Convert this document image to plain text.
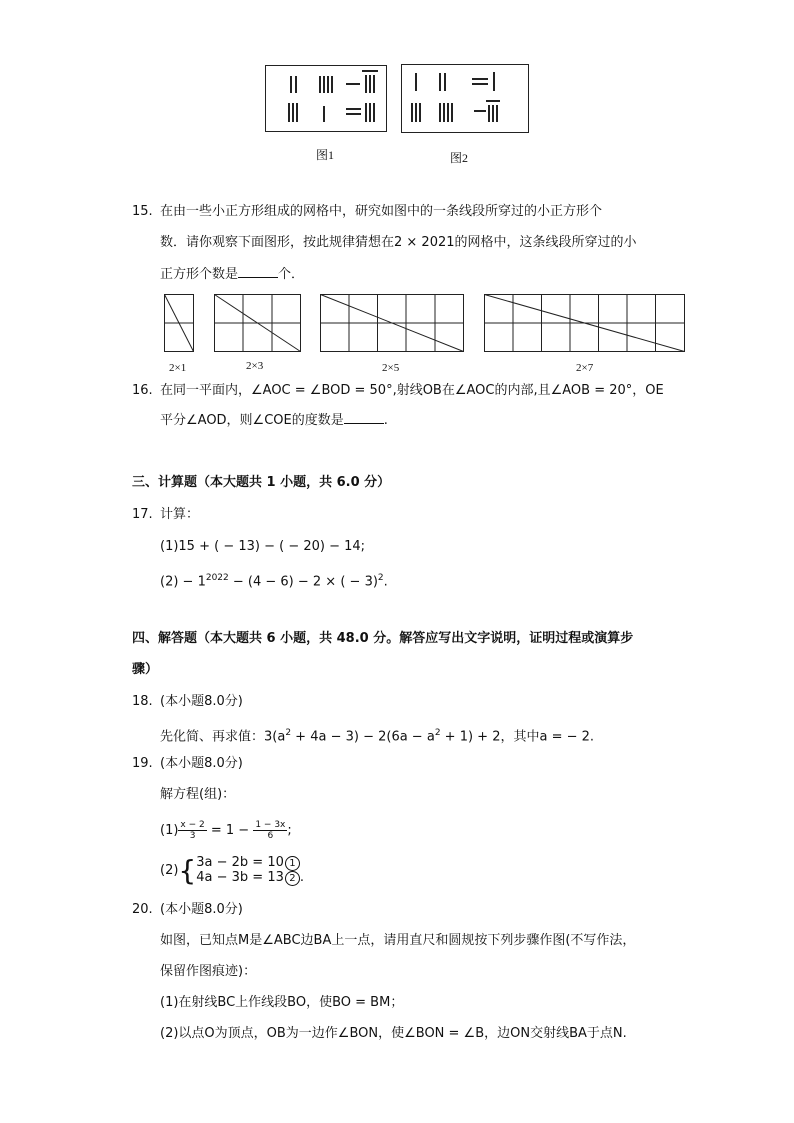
图1	图2
15. 在由一些小正方形组成的网格中，研究如图中的一条线段所穿过的小正方形个
数．请你观察下面图形，按此规律猜想在2 × 2021的网格中，这条线段所穿过的小
正方形个数是	个．
2×1	2×3	2×5	2×7
16. 在同一平面内，∠AOC = ∠BOD = 50°,射线OB在∠AOC的内部,且∠AOB = 20°，OE
平分∠AOD，则∠COE的度数是	.
三、计算题（本大题共 1 小题，共 6.0 分）
17. 计算：
(1)15 + ( − 13) − ( − 20) − 14;
$(2) - 1^{2022} - (4 - 6) - 2$ × ( − 3)$^2$.
四、解答题（本大题共 6 小题，共 48.0 分。解答应写出文字说明，证明过程或演算步
骤）
18. (本小题8.0分)
先化简、再求值：$3(a^2 + 4a - 3) - 2(6a - a^2 + 1) + 2$，其中a = − 2.
19. (本小题8.0分)
解方程(组)：
$(1) \frac{x - 2}{3} = 1 - \frac{1 - 3x}{6}$ ;
(2){ 3a − 2b = 10 1
4a − 3b = 13 2 .
20. (本小题8.0分)
如图，已知点M是∠ABC边BA上一点，请用直尺和圆规按下列步骤作图(不写作法，
保留作图痕迹)：
(1)在射线BC上作线段BO，使BO = BM；
(2)以点O为顶点，OB为一边作∠BON，使∠BON = ∠B，边ON交射线BA于点N.
